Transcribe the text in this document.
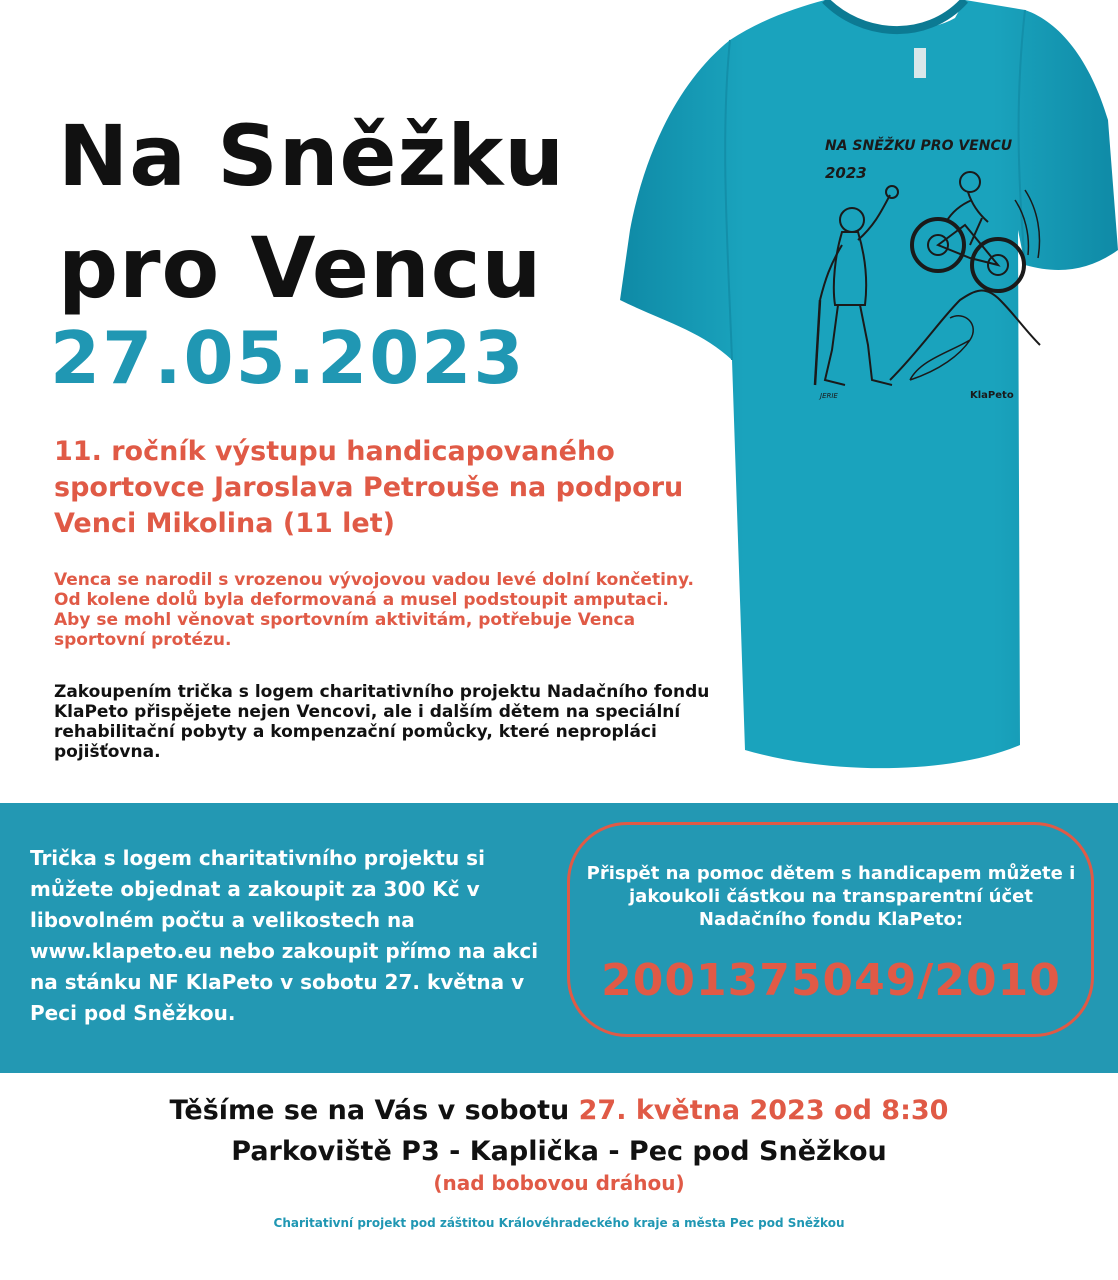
Na Sněžku
pro Vencu
27.05.2023
11. ročník výstupu handicapovaného sportovce Jaroslava Petrouše na podporu Venci Mikolina (11 let)
Venca se narodil s vrozenou vývojovou vadou levé dolní končetiny. Od kolene dolů byla deformovaná a musel podstoupit amputaci. Aby se mohl věnovat sportovním aktivitám, potřebuje Venca sportovní protézu.
Zakoupením trička s logem charitativního projektu Nadačního fondu KlaPeto přispějete nejen Vencovi, ale i dalším dětem na speciální rehabilitační pobyty a kompenzační pomůcky, které nepropláci pojišťovna.
NA SNĚŽKU PRO VENCU
2023
KlaPeto
JERIE
Trička s logem charitativního projektu si můžete objednat a zakoupit za 300 Kč v libovolném počtu a velikostech na www.klapeto.eu nebo zakoupit přímo na akci na stánku NF KlaPeto v sobotu 27. května v Peci pod Sněžkou.
Přispět na pomoc dětem s handicapem můžete i jakoukoli částkou na transparentní účet Nadačního fondu KlaPeto:
2001375049/2010
Těšíme se na Vás v sobotu 27. května 2023 od 8:30
Parkoviště P3 - Kaplička - Pec pod Sněžkou
(nad bobovou dráhou)
Charitativní projekt pod záštitou Královéhradeckého kraje a města Pec pod Sněžkou
